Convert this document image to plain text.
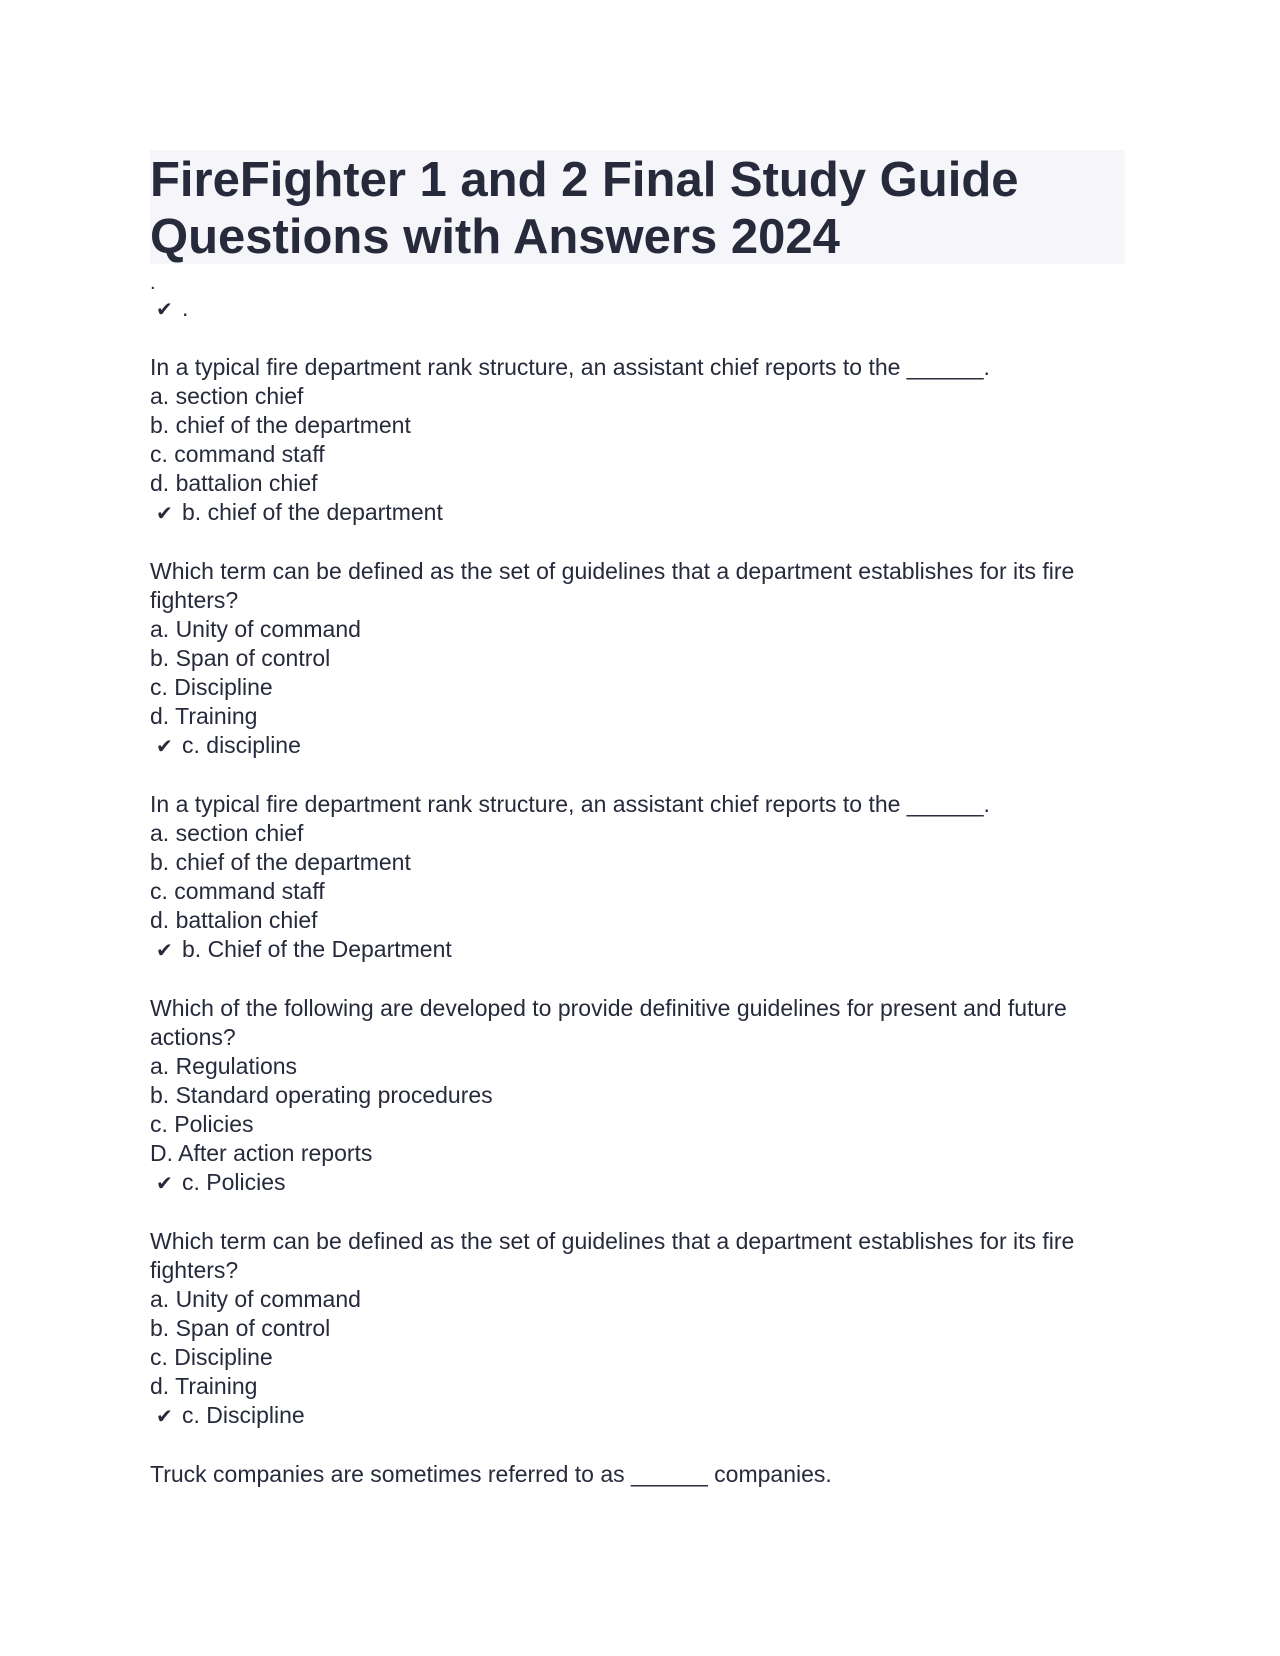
FireFighter 1 and 2 Final Study Guide Questions with Answers 2024
.
✔ .
In a typical fire department rank structure, an assistant chief reports to the ______.
a. section chief
b. chief of the department
c. command staff
d. battalion chief
✔ b. chief of the department
Which term can be defined as the set of guidelines that a department establishes for its fire fighters?
a. Unity of command
b. Span of control
c. Discipline
d. Training
✔ c. discipline
In a typical fire department rank structure, an assistant chief reports to the ______.
a. section chief
b. chief of the department
c. command staff
d. battalion chief
✔ b. Chief of the Department
Which of the following are developed to provide definitive guidelines for present and future actions?
a. Regulations
b. Standard operating procedures
c. Policies
D. After action reports
✔ c. Policies
Which term can be defined as the set of guidelines that a department establishes for its fire fighters?
a. Unity of command
b. Span of control
c. Discipline
d. Training
✔ c. Discipline
Truck companies are sometimes referred to as ______ companies.
